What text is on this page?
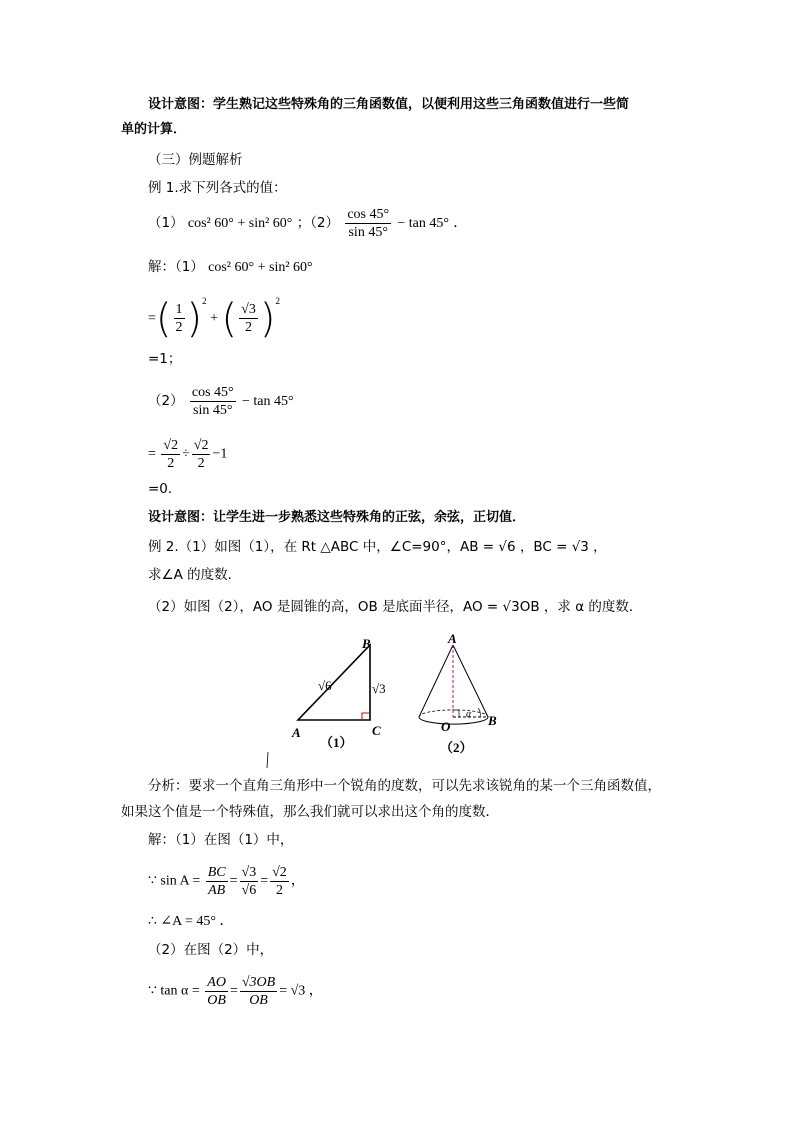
设计意图：学生熟记这些特殊角的三角函数值，以便利用这些三角函数值进行一些简
单的计算．
（三）例题解析
例 1.求下列各式的值：
（1） cos² 60° + sin² 60° ；$(2) \frac{\cos 45^\circ}{\sin 45^\circ} - \tan 45^\circ$ ．
解：（1） cos² 60° + sin² 60°
=( $\frac{1}{2} )^2$ + ( $\frac{√3}{2} )^2$
=1；
$(2) \frac{\cos 45^\circ}{\sin 45^\circ} - \tan 45^\circ$
= $\frac{√2}{2} \div \frac{√2}{2} -1$
=0．
设计意图：让学生进一步熟悉这些特殊角的正弦，余弦，正切值．
例 2.（1）如图（1），在 Rt △ABC 中，∠C=90°，AB = √6 ，BC = √3 ，
求∠A 的度数．
（2）如图（2），AO 是圆锥的高，OB 是底面半径，AO = √3OB ，求 α 的度数．
A
B
C
√6	√3
（1）
A
O	B
α
（2）
分析：要求一个直角三角形中一个锐角的度数，可以先求该锐角的某一个三角函数值，
如果这个值是一个特殊值，那么我们就可以求出这个角的度数．
解：（1）在图（1）中，
∵ $\sin A = \frac{BC}{AB} = \frac{√3}{√6} = \frac{√2}{2}$ ，
∴ ∠A = 45° ．
（2）在图（2）中，
∵ $\tan \alpha = \frac{AO}{OB} = \frac{√3OB}{OB} = √3$ ，
